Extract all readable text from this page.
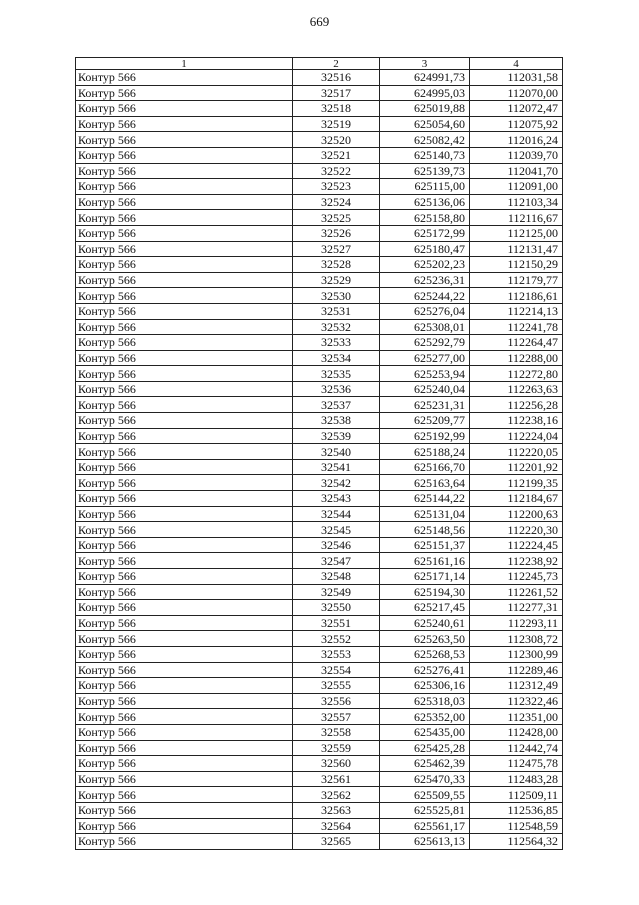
669
1	2	3	4
Контур 566	32516	624991,73	112031,58
Контур 566	32517	624995,03	112070,00
Контур 566	32518	625019,88	112072,47
Контур 566	32519	625054,60	112075,92
Контур 566	32520	625082,42	112016,24
Контур 566	32521	625140,73	112039,70
Контур 566	32522	625139,73	112041,70
Контур 566	32523	625115,00	112091,00
Контур 566	32524	625136,06	112103,34
Контур 566	32525	625158,80	112116,67
Контур 566	32526	625172,99	112125,00
Контур 566	32527	625180,47	112131,47
Контур 566	32528	625202,23	112150,29
Контур 566	32529	625236,31	112179,77
Контур 566	32530	625244,22	112186,61
Контур 566	32531	625276,04	112214,13
Контур 566	32532	625308,01	112241,78
Контур 566	32533	625292,79	112264,47
Контур 566	32534	625277,00	112288,00
Контур 566	32535	625253,94	112272,80
Контур 566	32536	625240,04	112263,63
Контур 566	32537	625231,31	112256,28
Контур 566	32538	625209,77	112238,16
Контур 566	32539	625192,99	112224,04
Контур 566	32540	625188,24	112220,05
Контур 566	32541	625166,70	112201,92
Контур 566	32542	625163,64	112199,35
Контур 566	32543	625144,22	112184,67
Контур 566	32544	625131,04	112200,63
Контур 566	32545	625148,56	112220,30
Контур 566	32546	625151,37	112224,45
Контур 566	32547	625161,16	112238,92
Контур 566	32548	625171,14	112245,73
Контур 566	32549	625194,30	112261,52
Контур 566	32550	625217,45	112277,31
Контур 566	32551	625240,61	112293,11
Контур 566	32552	625263,50	112308,72
Контур 566	32553	625268,53	112300,99
Контур 566	32554	625276,41	112289,46
Контур 566	32555	625306,16	112312,49
Контур 566	32556	625318,03	112322,46
Контур 566	32557	625352,00	112351,00
Контур 566	32558	625435,00	112428,00
Контур 566	32559	625425,28	112442,74
Контур 566	32560	625462,39	112475,78
Контур 566	32561	625470,33	112483,28
Контур 566	32562	625509,55	112509,11
Контур 566	32563	625525,81	112536,85
Контур 566	32564	625561,17	112548,59
Контур 566	32565	625613,13	112564,32
